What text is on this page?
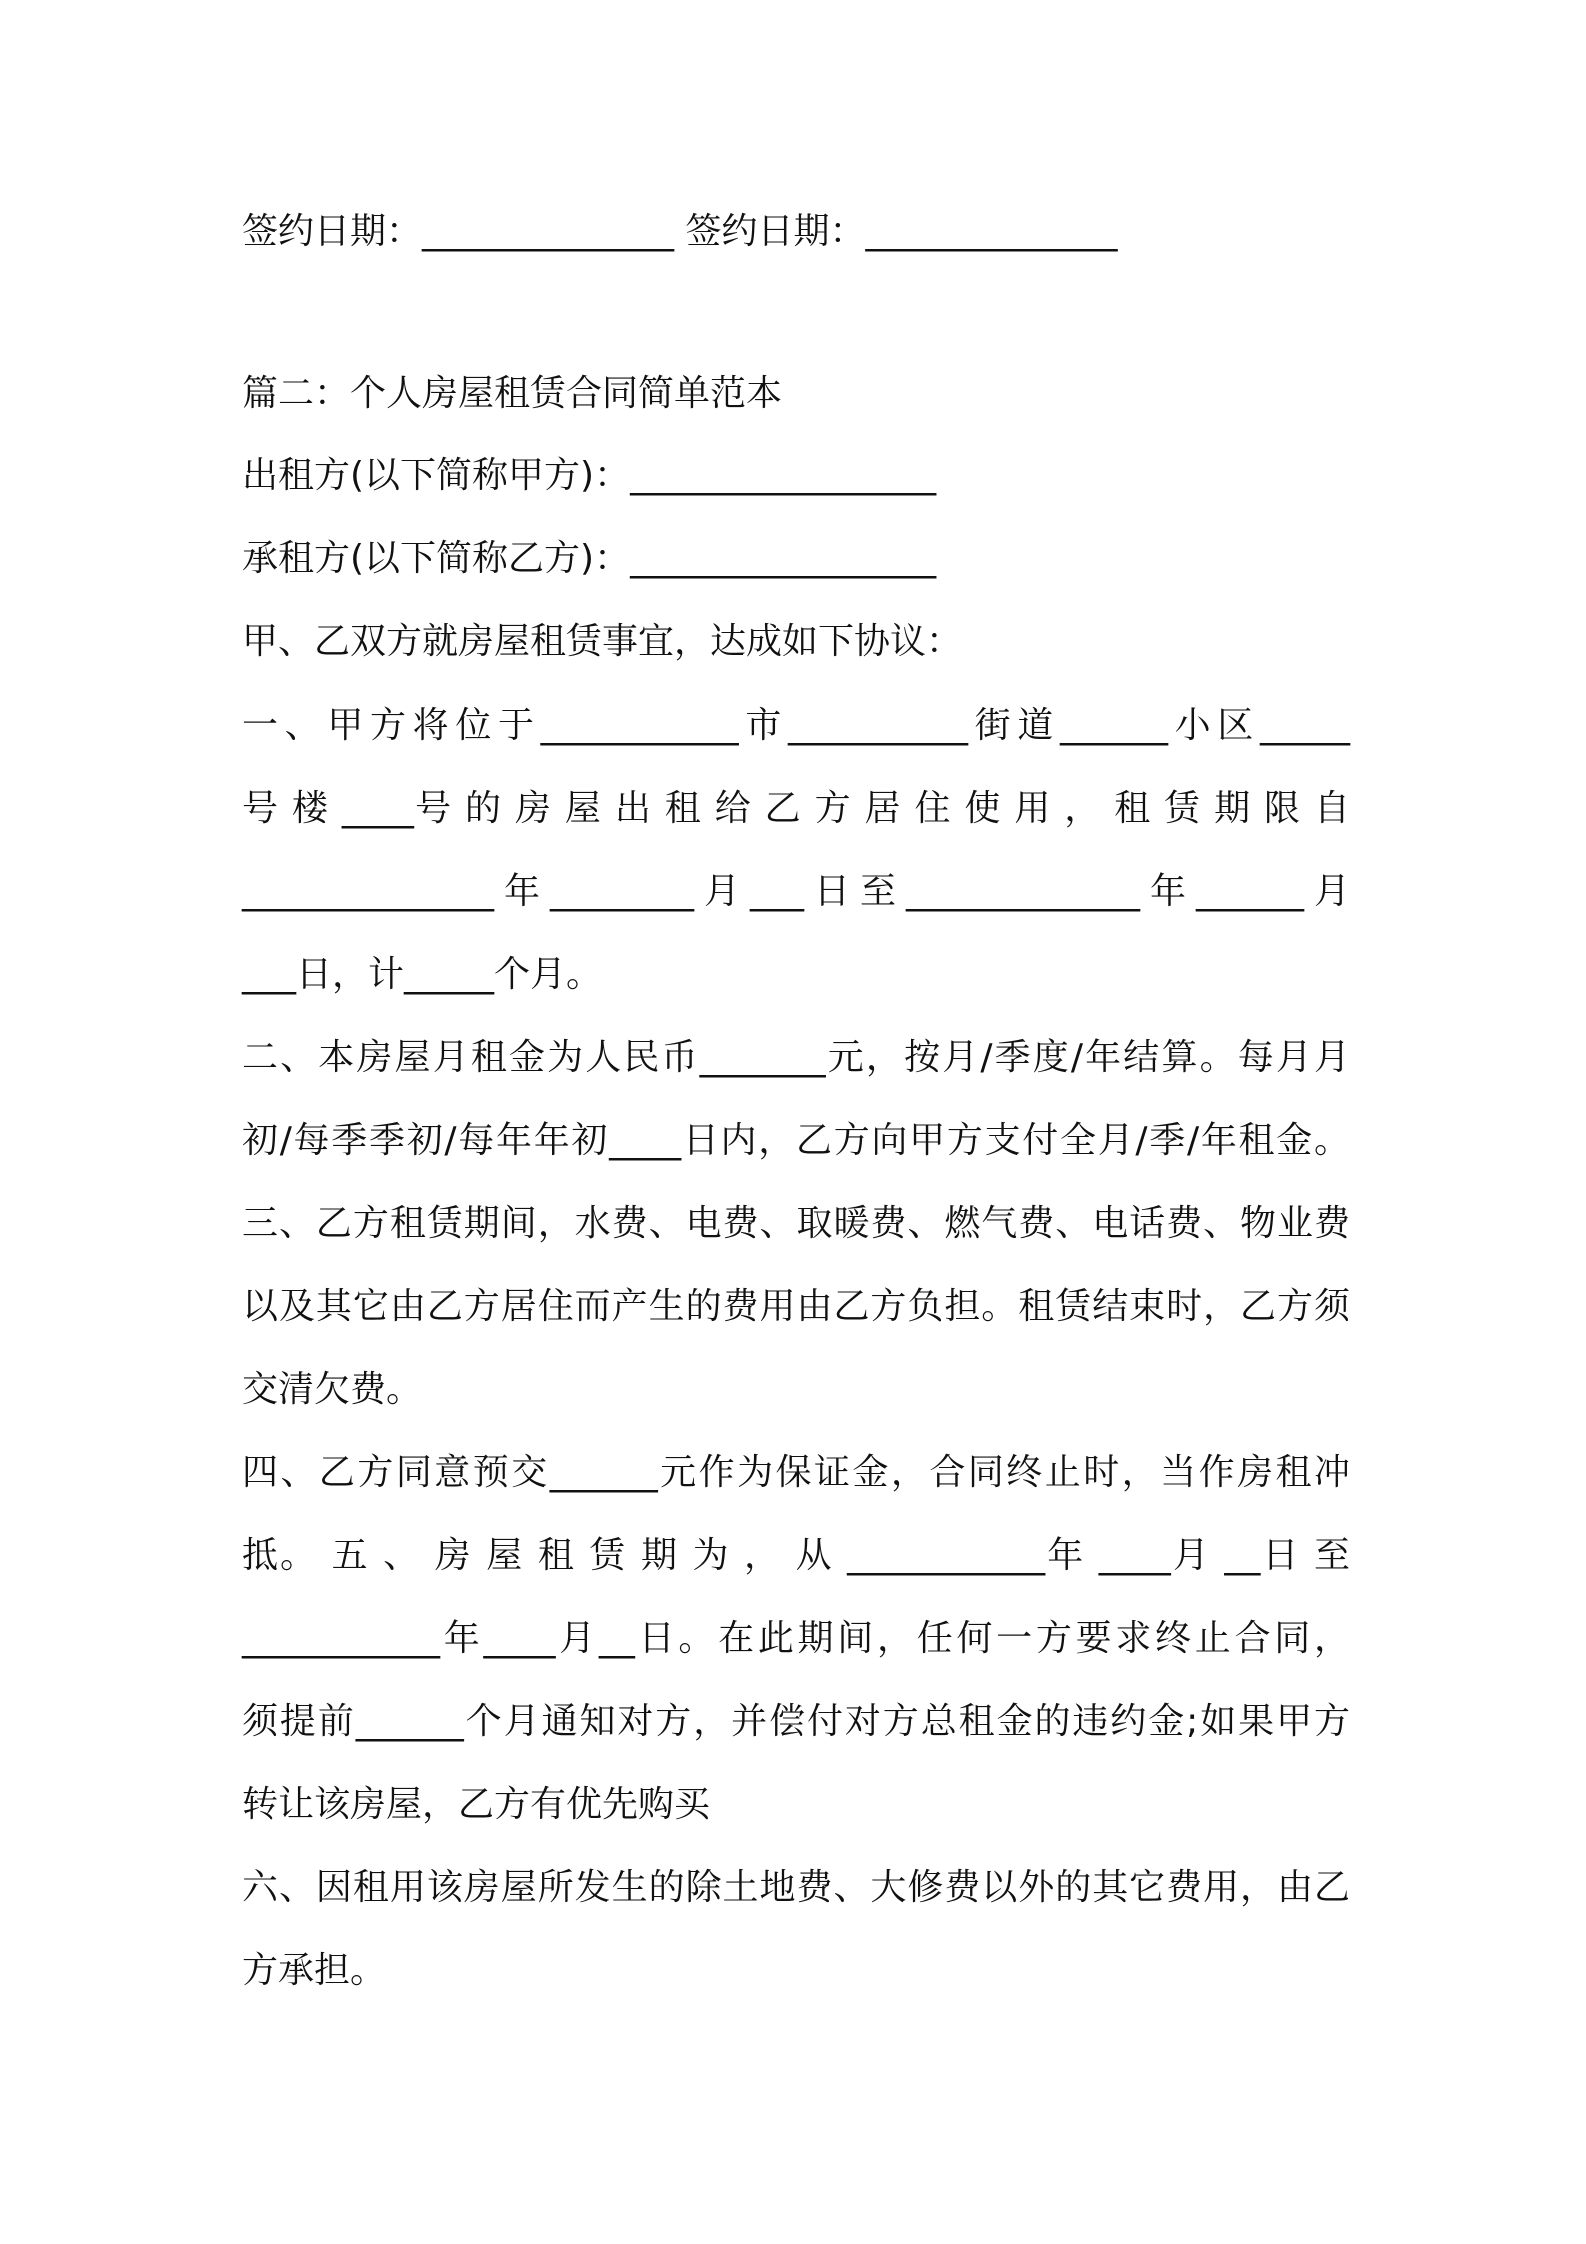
签约日期：______________ 签约日期：______________
篇二：个人房屋租赁合同简单范本
出租方(以下简称甲方)：_________________
承租方(以下简称乙方)：_________________
甲、乙双方就房屋租赁事宜，达成如下协议：
一、甲方将位于___________市__________街道______小区_____
号 楼 ____号 的 房 屋 出 租 给 乙 方 居 住 使 用 ， 租 赁 期 限 自
______________年________月___日至_____________年______月
___日，计_____个月。
二、本房屋月租金为人民币_______元，按月/季度/年结算。每月月
初/每季季初/每年年初____日内，乙方向甲方支付全月/季/年租金。
三、乙方租赁期间，水费、电费、取暖费、燃气费、电话费、物业费
以及其它由乙方居住而产生的费用由乙方负担。租赁结束时，乙方须
交清欠费。
四、乙方同意预交______元作为保证金，合同终止时，当作房租冲
抵。 五 、 房 屋 租 赁 期 为 ， 从 ___________年 ____月 __日 至
___________年____月__日。在此期间，任何一方要求终止合同，
须提前______个月通知对方，并偿付对方总租金的违约金;如果甲方
转让该房屋，乙方有优先购买
六、因租用该房屋所发生的除土地费、大修费以外的其它费用，由乙
方承担。
